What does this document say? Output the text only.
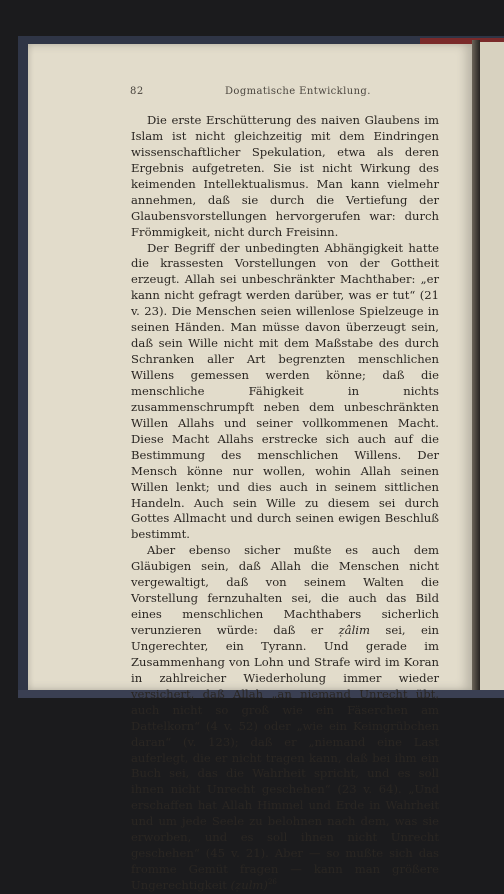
82	Dogmatische Entwicklung.

Die erste Erschütterung des naiven Glaubens im Islam ist nicht gleichzeitig mit dem Eindringen wissenschaftlicher Spekulation, etwa als deren Ergebnis aufgetreten. Sie ist nicht Wirkung des keimenden Intellektualismus. Man kann vielmehr annehmen, daß sie durch die Vertiefung der Glaubensvorstellungen hervorgerufen war: durch Frömmigkeit, nicht durch Freisinn.

Der Begriff der unbedingten Abhängigkeit hatte die krassesten Vorstellungen von der Gottheit erzeugt. Allah sei unbeschränkter Machthaber: „er kann nicht gefragt werden darüber, was er tut“ (21 v. 23). Die Menschen seien willenlose Spielzeuge in seinen Händen. Man müsse davon überzeugt sein, daß sein Wille nicht mit dem Maßstabe des durch Schranken aller Art begrenzten menschlichen Willens gemessen werden könne; daß die menschliche Fähigkeit in nichts zusammenschrumpft neben dem unbeschränkten Willen Allahs und seiner vollkommenen Macht. Diese Macht Allahs erstrecke sich auch auf die Bestimmung des menschlichen Willens. Der Mensch könne nur wollen, wohin Allah seinen Willen lenkt; und dies auch in seinem sittlichen Handeln. Auch sein Wille zu diesem sei durch Gottes Allmacht und durch seinen ewigen Beschluß bestimmt.

Aber ebenso sicher mußte es auch dem Gläubigen sein, daß Allah die Menschen nicht vergewaltigt, daß von seinem Walten die Vorstellung fernzuhalten sei, die auch das Bild eines menschlichen Machthabers sicherlich verunzieren würde: daß er ẓâlim sei, ein Ungerechter, ein Tyrann. Und gerade im Zusammenhang von Lohn und Strafe wird im Koran in zahlreicher Wiederholung immer wieder versichert, daß Allah „an niemand Unrecht übt, auch nicht so groß wie ein Fäserchen am Dattelkorn“ (4 v. 52) oder „wie ein Keimgrübchen daran“ (v. 123); daß er „niemand eine Last auferlegt, die er nicht tragen kann, daß bei ihm ein Buch sei, das die Wahrheit spricht, und es soll ihnen nicht Unrecht geschehen“ (23 v. 64). „Und erschaffen hat Allah Himmel und Erde in Wahrheit und um jede Seele zu belohnen nach dem, was sie erworben, und es soll ihnen nicht Unrecht geschehen“ (45 v. 21). Aber — so mußte sich das fromme Gemüt fragen — kann man größere Ungerechtigkeit (ẓulm)$^{26}$
